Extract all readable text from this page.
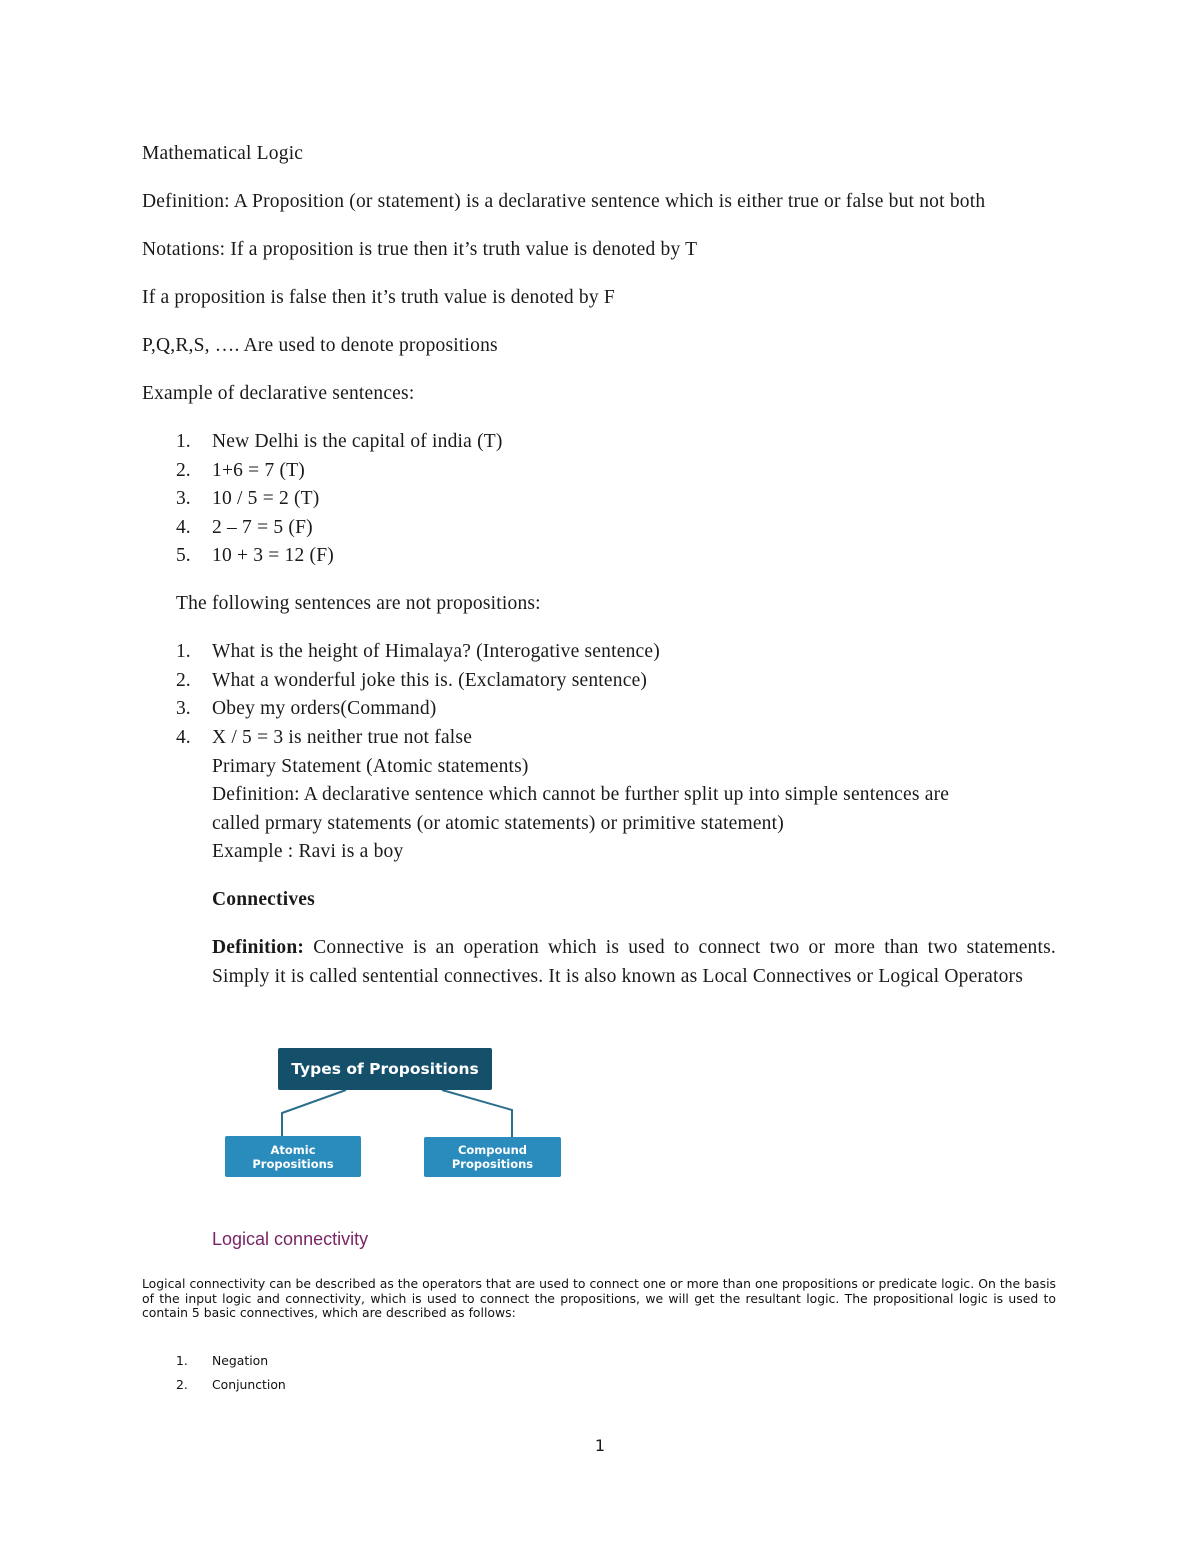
Mathematical Logic
Definition: A Proposition (or statement) is a declarative sentence which is either true or false but not both
Notations: If a proposition is true then it’s truth value is denoted by T
If a proposition is false then it’s truth value is denoted by F
P,Q,R,S, …. Are used to denote propositions
Example of declarative sentences:
1. New Delhi is the capital of india (T)
2. 1+6 = 7 (T)
3. 10 / 5 = 2 (T)
4. 2 – 7 = 5 (F)
5. 10 + 3 = 12 (F)
The following sentences are not propositions:
1. What is the height of Himalaya? (Interogative sentence)
2. What a wonderful joke this is. (Exclamatory sentence)
3. Obey my orders(Command)
4. X / 5 = 3 is neither true not false
Primary Statement (Atomic statements)
Definition: A declarative sentence which cannot be further split up into simple sentences are
called prmary statements (or atomic statements) or primitive statement)
Example : Ravi is a boy
Connectives
Definition: Connective is an operation which is used to connect two or more than two statements. Simply it is called sentential connectives. It is also known as Local Connectives or Logical Operators
Types of Propositions
Atomic
Propositions
Compound
Propositions
Logical connectivity
Logical connectivity can be described as the operators that are used to connect one or more than one propositions or predicate logic. On the basis of the input logic and connectivity, which is used to connect the propositions, we will get the resultant logic. The propositional logic is used to contain 5 basic connectives, which are described as follows:
1. Negation
2. Conjunction
1
